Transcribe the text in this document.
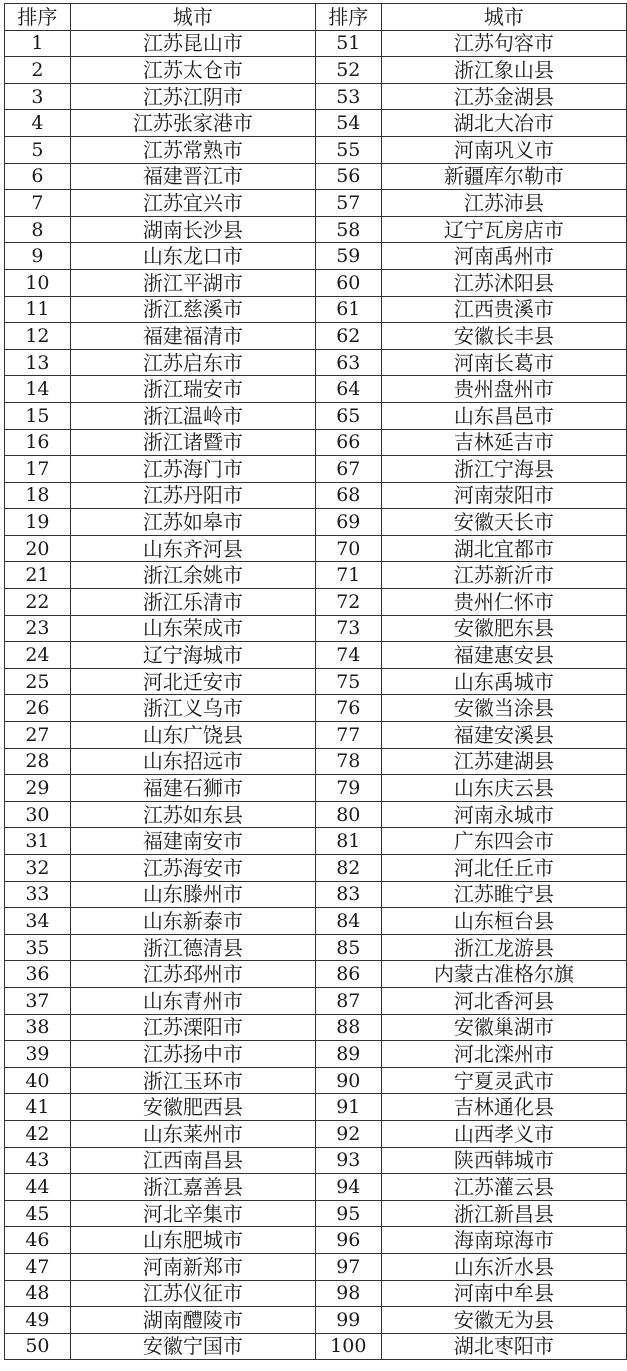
排序	城市	排序	城市
1	江苏昆山市	51	江苏句容市
2	江苏太仓市	52	浙江象山县
3	江苏江阴市	53	江苏金湖县
4	江苏张家港市	54	湖北大冶市
5	江苏常熟市	55	河南巩义市
6	福建晋江市	56	新疆库尔勒市
7	江苏宜兴市	57	江苏沛县
8	湖南长沙县	58	辽宁瓦房店市
9	山东龙口市	59	河南禹州市
10	浙江平湖市	60	江苏沭阳县
11	浙江慈溪市	61	江西贵溪市
12	福建福清市	62	安徽长丰县
13	江苏启东市	63	河南长葛市
14	浙江瑞安市	64	贵州盘州市
15	浙江温岭市	65	山东昌邑市
16	浙江诸暨市	66	吉林延吉市
17	江苏海门市	67	浙江宁海县
18	江苏丹阳市	68	河南荥阳市
19	江苏如皋市	69	安徽天长市
20	山东齐河县	70	湖北宜都市
21	浙江余姚市	71	江苏新沂市
22	浙江乐清市	72	贵州仁怀市
23	山东荣成市	73	安徽肥东县
24	辽宁海城市	74	福建惠安县
25	河北迁安市	75	山东禹城市
26	浙江义乌市	76	安徽当涂县
27	山东广饶县	77	福建安溪县
28	山东招远市	78	江苏建湖县
29	福建石狮市	79	山东庆云县
30	江苏如东县	80	河南永城市
31	福建南安市	81	广东四会市
32	江苏海安市	82	河北任丘市
33	山东滕州市	83	江苏睢宁县
34	山东新泰市	84	山东桓台县
35	浙江德清县	85	浙江龙游县
36	江苏邳州市	86	内蒙古准格尔旗
37	山东青州市	87	河北香河县
38	江苏溧阳市	88	安徽巢湖市
39	江苏扬中市	89	河北滦州市
40	浙江玉环市	90	宁夏灵武市
41	安徽肥西县	91	吉林通化县
42	山东莱州市	92	山西孝义市
43	江西南昌县	93	陕西韩城市
44	浙江嘉善县	94	江苏灌云县
45	河北辛集市	95	浙江新昌县
46	山东肥城市	96	海南琼海市
47	河南新郑市	97	山东沂水县
48	江苏仪征市	98	河南中牟县
49	湖南醴陵市	99	安徽无为县
50	安徽宁国市	100	湖北枣阳市
